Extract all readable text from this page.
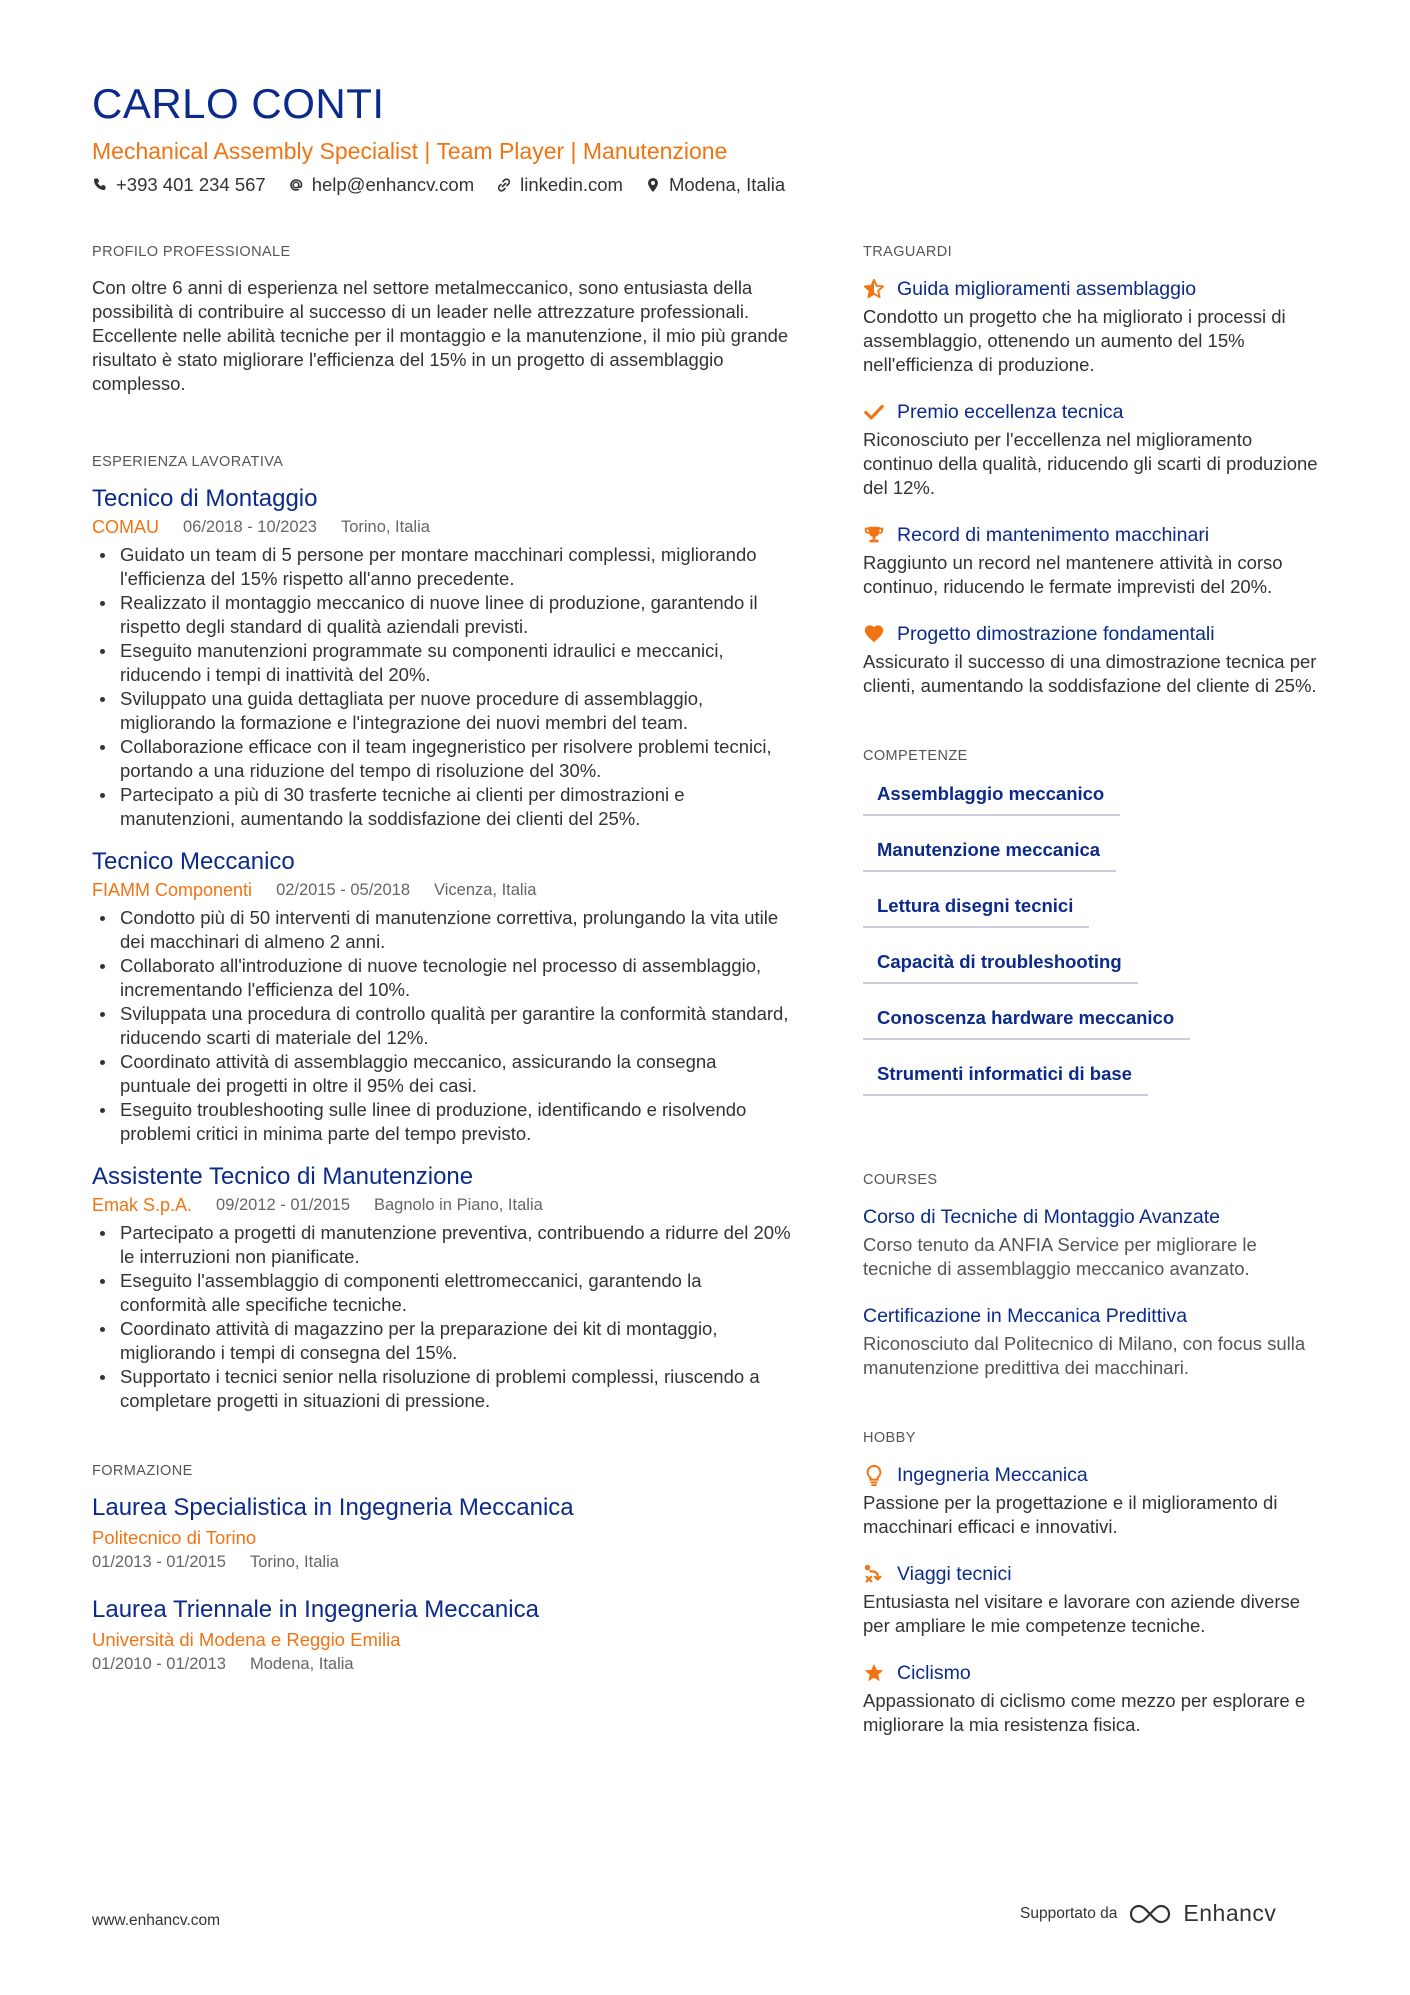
CARLO CONTI
Mechanical Assembly Specialist | Team Player | Manutenzione
+393 401 234 567 help@enhancv.com linkedin.com Modena, Italia
PROFILO PROFESSIONALE

Con oltre 6 anni di esperienza nel settore metalmeccanico, sono entusiasta della possibilità di contribuire al successo di un leader nelle attrezzature professionali. Eccellente nelle abilità tecniche per il montaggio e la manutenzione, il mio più grande risultato è stato migliorare l'efficienza del 15% in un progetto di assemblaggio complesso.

ESPERIENZA LAVORATIVA
Tecnico di Montaggio
COMAU 06/2018 - 10/2023 Torino, Italia
Guidato un team di 5 persone per montare macchinari complessi, migliorando l'efficienza del 15% rispetto all'anno precedente.
Realizzato il montaggio meccanico di nuove linee di produzione, garantendo il rispetto degli standard di qualità aziendali previsti.
Eseguito manutenzioni programmate su componenti idraulici e meccanici, riducendo i tempi di inattività del 20%.
Sviluppato una guida dettagliata per nuove procedure di assemblaggio, migliorando la formazione e l'integrazione dei nuovi membri del team.
Collaborazione efficace con il team ingegneristico per risolvere problemi tecnici, portando a una riduzione del tempo di risoluzione del 30%.
Partecipato a più di 30 trasferte tecniche ai clienti per dimostrazioni e manutenzioni, aumentando la soddisfazione dei clienti del 25%.
Tecnico Meccanico
FIAMM Componenti 02/2015 - 05/2018 Vicenza, Italia
Condotto più di 50 interventi di manutenzione correttiva, prolungando la vita utile dei macchinari di almeno 2 anni.
Collaborato all'introduzione di nuove tecnologie nel processo di assemblaggio, incrementando l'efficienza del 10%.
Sviluppata una procedura di controllo qualità per garantire la conformità standard, riducendo scarti di materiale del 12%.
Coordinato attività di assemblaggio meccanico, assicurando la consegna puntuale dei progetti in oltre il 95% dei casi.
Eseguito troubleshooting sulle linee di produzione, identificando e risolvendo problemi critici in minima parte del tempo previsto.
Assistente Tecnico di Manutenzione
Emak S.p.A. 09/2012 - 01/2015 Bagnolo in Piano, Italia
Partecipato a progetti di manutenzione preventiva, contribuendo a ridurre del 20% le interruzioni non pianificate.
Eseguito l'assemblaggio di componenti elettromeccanici, garantendo la conformità alle specifiche tecniche.
Coordinato attività di magazzino per la preparazione dei kit di montaggio, migliorando i tempi di consegna del 15%.
Supportato i tecnici senior nella risoluzione di problemi complessi, riuscendo a completare progetti in situazioni di pressione.
FORMAZIONE
Laurea Specialistica in Ingegneria Meccanica
Politecnico di Torino
01/2013 - 01/2015 Torino, Italia
Laurea Triennale in Ingegneria Meccanica
Università di Modena e Reggio Emilia
01/2010 - 01/2013 Modena, Italia
TRAGUARDI
Guida miglioramenti assemblaggio
Condotto un progetto che ha migliorato i processi di assemblaggio, ottenendo un aumento del 15% nell'efficienza di produzione.
Premio eccellenza tecnica
Riconosciuto per l'eccellenza nel miglioramento continuo della qualità, riducendo gli scarti di produzione del 12%.
Record di mantenimento macchinari
Raggiunto un record nel mantenere attività in corso continuo, riducendo le fermate imprevisti del 20%.
Progetto dimostrazione fondamentali
Assicurato il successo di una dimostrazione tecnica per clienti, aumentando la soddisfazione del cliente di 25%.
COMPETENZE
Assemblaggio meccanico
Manutenzione meccanica
Lettura disegni tecnici
Capacità di troubleshooting
Conoscenza hardware meccanico
Strumenti informatici di base
COURSES
Corso di Tecniche di Montaggio Avanzate
Corso tenuto da ANFIA Service per migliorare le tecniche di assemblaggio meccanico avanzato.
Certificazione in Meccanica Predittiva
Riconosciuto dal Politecnico di Milano, con focus sulla manutenzione predittiva dei macchinari.
HOBBY
Ingegneria Meccanica
Passione per la progettazione e il miglioramento di macchinari efficaci e innovativi.
Viaggi tecnici
Entusiasta nel visitare e lavorare con aziende diverse per ampliare le mie competenze tecniche.
Ciclismo
Appassionato di ciclismo come mezzo per esplorare e migliorare la mia resistenza fisica.
www.enhancv.com	Supportato da	Enhancv
